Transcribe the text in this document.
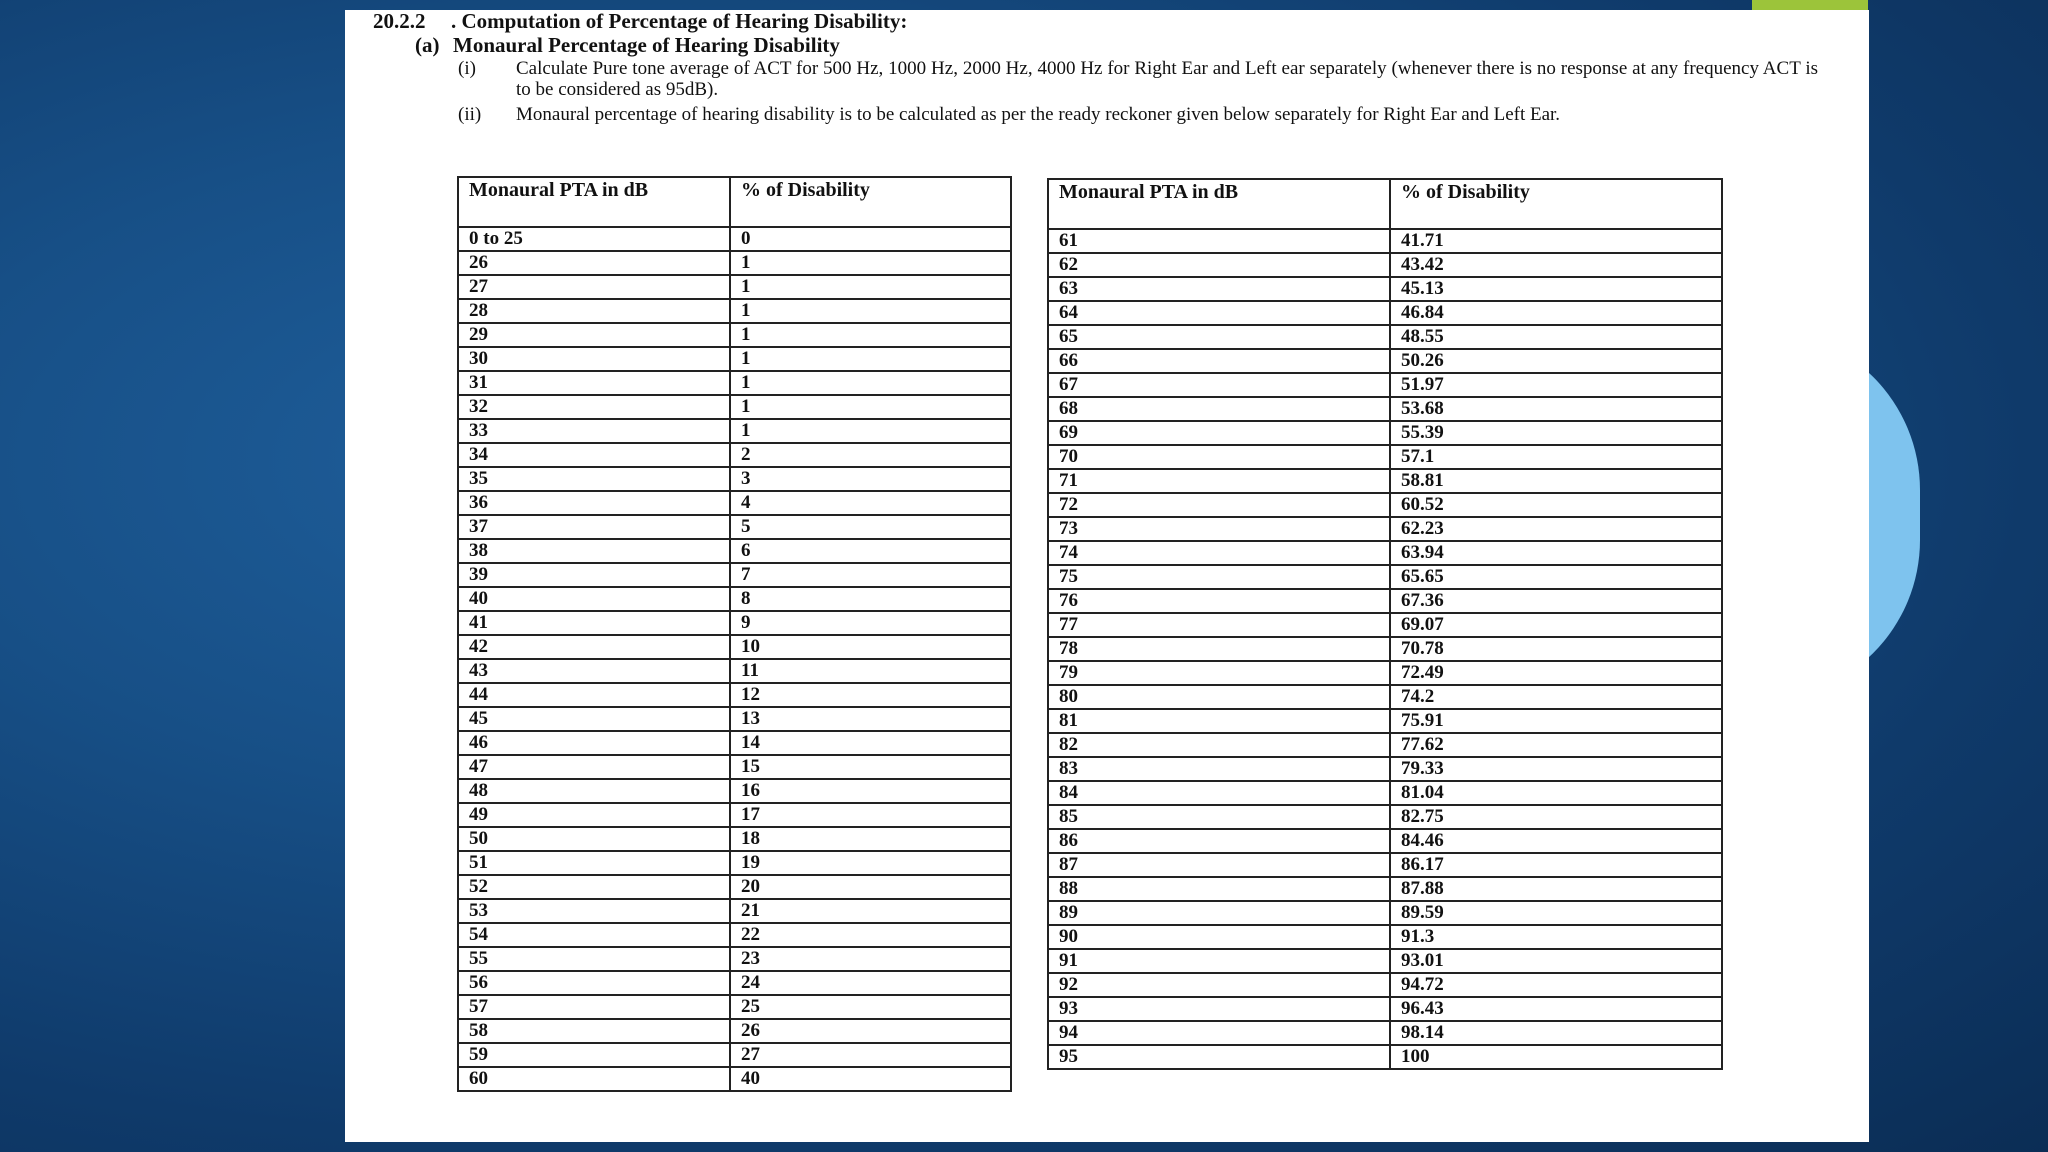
20.2.2 . Computation of Percentage of Hearing Disability:
(a) Monaural Percentage of Hearing Disability
(i)	Calculate Pure tone average of ACT for 500 Hz, 1000 Hz, 2000 Hz, 4000 Hz for Right Ear and Left ear separately (whenever there is no response at any frequency ACT is to be considered as 95dB).
(ii)	Monaural percentage of hearing disability is to be calculated as per the ready reckoner given below separately for Right Ear and Left Ear.
Monaural PTA in dB	% of Disability
0 to 25	0
26	1
27	1
28	1
29	1
30	1
31	1
32	1
33	1
34	2
35	3
36	4
37	5
38	6
39	7
40	8
41	9
42	10
43	11
44	12
45	13
46	14
47	15
48	16
49	17
50	18
51	19
52	20
53	21
54	22
55	23
56	24
57	25
58	26
59	27
60	40
Monaural PTA in dB	% of Disability
61	41.71
62	43.42
63	45.13
64	46.84
65	48.55
66	50.26
67	51.97
68	53.68
69	55.39
70	57.1
71	58.81
72	60.52
73	62.23
74	63.94
75	65.65
76	67.36
77	69.07
78	70.78
79	72.49
80	74.2
81	75.91
82	77.62
83	79.33
84	81.04
85	82.75
86	84.46
87	86.17
88	87.88
89	89.59
90	91.3
91	93.01
92	94.72
93	96.43
94	98.14
95	100
